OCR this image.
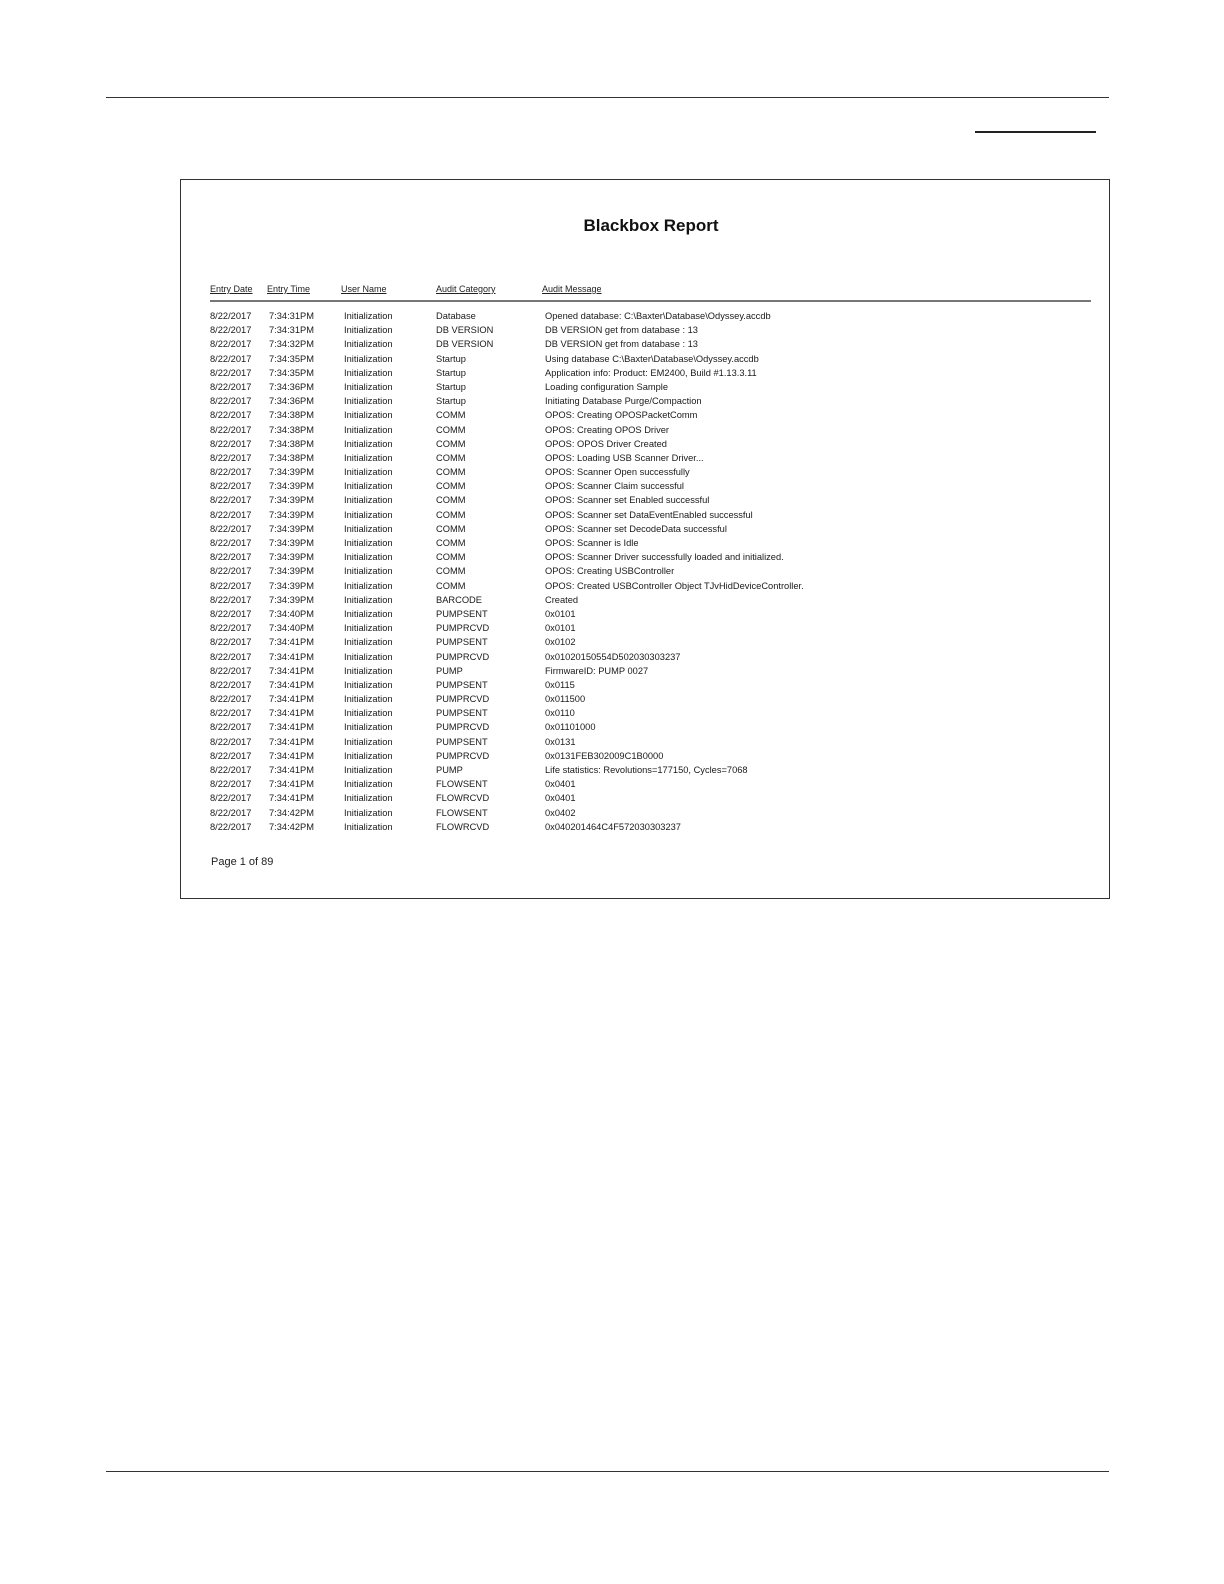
Blackbox Report
Entry Date Entry Time	User Name	Audit Category	Audit Message
8/22/2017 7:34:31PM	Initialization	Database	Opened database: C:\Baxter\Database\Odyssey.accdb
8/22/2017 7:34:31PM	Initialization	DB VERSION	DB VERSION get from database : 13
8/22/2017 7:34:32PM	Initialization	DB VERSION	DB VERSION get from database : 13
8/22/2017 7:34:35PM	Initialization	Startup	Using database C:\Baxter\Database\Odyssey.accdb
8/22/2017 7:34:35PM	Initialization	Startup	Application info: Product: EM2400, Build #1.13.3.11
8/22/2017 7:34:36PM	Initialization	Startup	Loading configuration Sample
8/22/2017 7:34:36PM	Initialization	Startup	Initiating Database Purge/Compaction
8/22/2017 7:34:38PM	Initialization	COMM	OPOS: Creating OPOSPacketComm
8/22/2017 7:34:38PM	Initialization	COMM	OPOS: Creating OPOS Driver
8/22/2017 7:34:38PM	Initialization	COMM	OPOS: OPOS Driver Created
8/22/2017 7:34:38PM	Initialization	COMM	OPOS: Loading USB Scanner Driver...
8/22/2017 7:34:39PM	Initialization	COMM	OPOS: Scanner Open successfully
8/22/2017 7:34:39PM	Initialization	COMM	OPOS: Scanner Claim successful
8/22/2017 7:34:39PM	Initialization	COMM	OPOS: Scanner set Enabled successful
8/22/2017 7:34:39PM	Initialization	COMM	OPOS: Scanner set DataEventEnabled successful
8/22/2017 7:34:39PM	Initialization	COMM	OPOS: Scanner set DecodeData successful
8/22/2017 7:34:39PM	Initialization	COMM	OPOS: Scanner is Idle
8/22/2017 7:34:39PM	Initialization	COMM	OPOS: Scanner Driver successfully loaded and initialized.
8/22/2017 7:34:39PM	Initialization	COMM	OPOS: Creating USBController
8/22/2017 7:34:39PM	Initialization	COMM	OPOS: Created USBController Object TJvHidDeviceController.
8/22/2017 7:34:39PM	Initialization	BARCODE	Created
8/22/2017 7:34:40PM	Initialization	PUMPSENT	0x0101
8/22/2017 7:34:40PM	Initialization	PUMPRCVD	0x0101
8/22/2017 7:34:41PM	Initialization	PUMPSENT	0x0102
8/22/2017 7:34:41PM	Initialization	PUMPRCVD	0x01020150554D502030303237
8/22/2017 7:34:41PM	Initialization	PUMP	FirmwareID: PUMP 0027
8/22/2017 7:34:41PM	Initialization	PUMPSENT	0x0115
8/22/2017 7:34:41PM	Initialization	PUMPRCVD	0x011500
8/22/2017 7:34:41PM	Initialization	PUMPSENT	0x0110
8/22/2017 7:34:41PM	Initialization	PUMPRCVD	0x01101000
8/22/2017 7:34:41PM	Initialization	PUMPSENT	0x0131
8/22/2017 7:34:41PM	Initialization	PUMPRCVD	0x0131FEB302009C1B0000
8/22/2017 7:34:41PM	Initialization	PUMP	Life statistics: Revolutions=177150, Cycles=7068
8/22/2017 7:34:41PM	Initialization	FLOWSENT	0x0401
8/22/2017 7:34:41PM	Initialization	FLOWRCVD	0x0401
8/22/2017 7:34:42PM	Initialization	FLOWSENT	0x0402
8/22/2017 7:34:42PM	Initialization	FLOWRCVD	0x040201464C4F572030303237
Page 1 of 89
